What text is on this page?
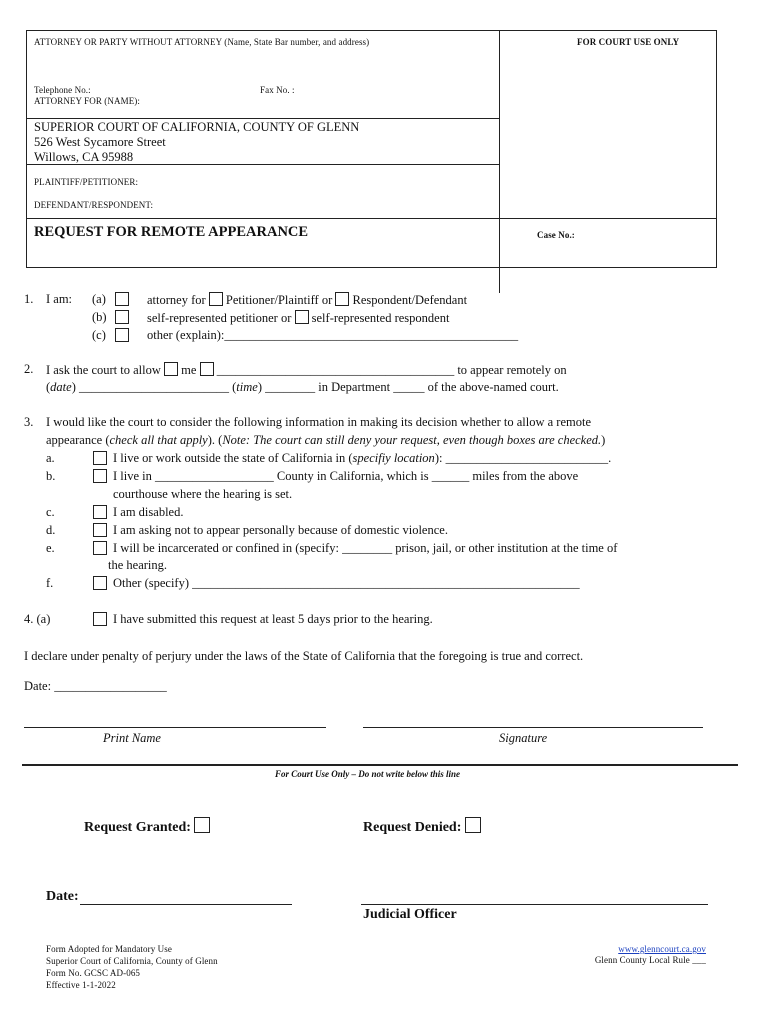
ATTORNEY OR PARTY WITHOUT ATTORNEY (Name, State Bar number, and address)	FOR COURT USE ONLY
Telephone No.:	Fax No. :
ATTORNEY FOR (NAME):
SUPERIOR COURT OF CALIFORNIA, COUNTY OF GLENN
526 West Sycamore Street
Willows, CA 95988
PLAINTIFF/PETITIONER:
DEFENDANT/RESPONDENT:
REQUEST FOR REMOTE APPEARANCE	Case No.:
1. I am: (a)	attorney for Petitioner/Plaintiff or Respondent/Defendant
(b)	self-represented petitioner or self-represented respondent
(c)	other (explain):_______________________________________________
2. I ask the court to allow me ______________________________________ to appear remotely on
(date) ________________________ (time) ________ in Department _____ of the above-named court.
3. I would like the court to consider the following information in making its decision whether to allow a remote
appearance (check all that apply). (Note: The court can still deny your request, even though boxes are checked.)
a.	I live or work outside the state of California in (specifiy location): __________________________.
b.	I live in ___________________ County in California, which is ______ miles from the above
courthouse where the hearing is set.
c.	I am disabled.
d.	I am asking not to appear personally because of domestic violence.
e.	I will be incarcerated or confined in (specify: ________ prison, jail, or other institution at the time of
the hearing.
f.	Other (specify) ______________________________________________________________
4. (a)	I have submitted this request at least 5 days prior to the hearing.
I declare under penalty of perjury under the laws of the State of California that the foregoing is true and correct.
Date: __________________
Print Name	Signature
For Court Use Only – Do not write below this line
Request Granted:	Request Denied:
Date:
Judicial Officer
Form Adopted for Mandatory Use
Superior Court of California, County of Glenn
Form No. GCSC AD-065
Effective 1-1-2022
www.glenncourt.ca.gov
Glenn County Local Rule ___
